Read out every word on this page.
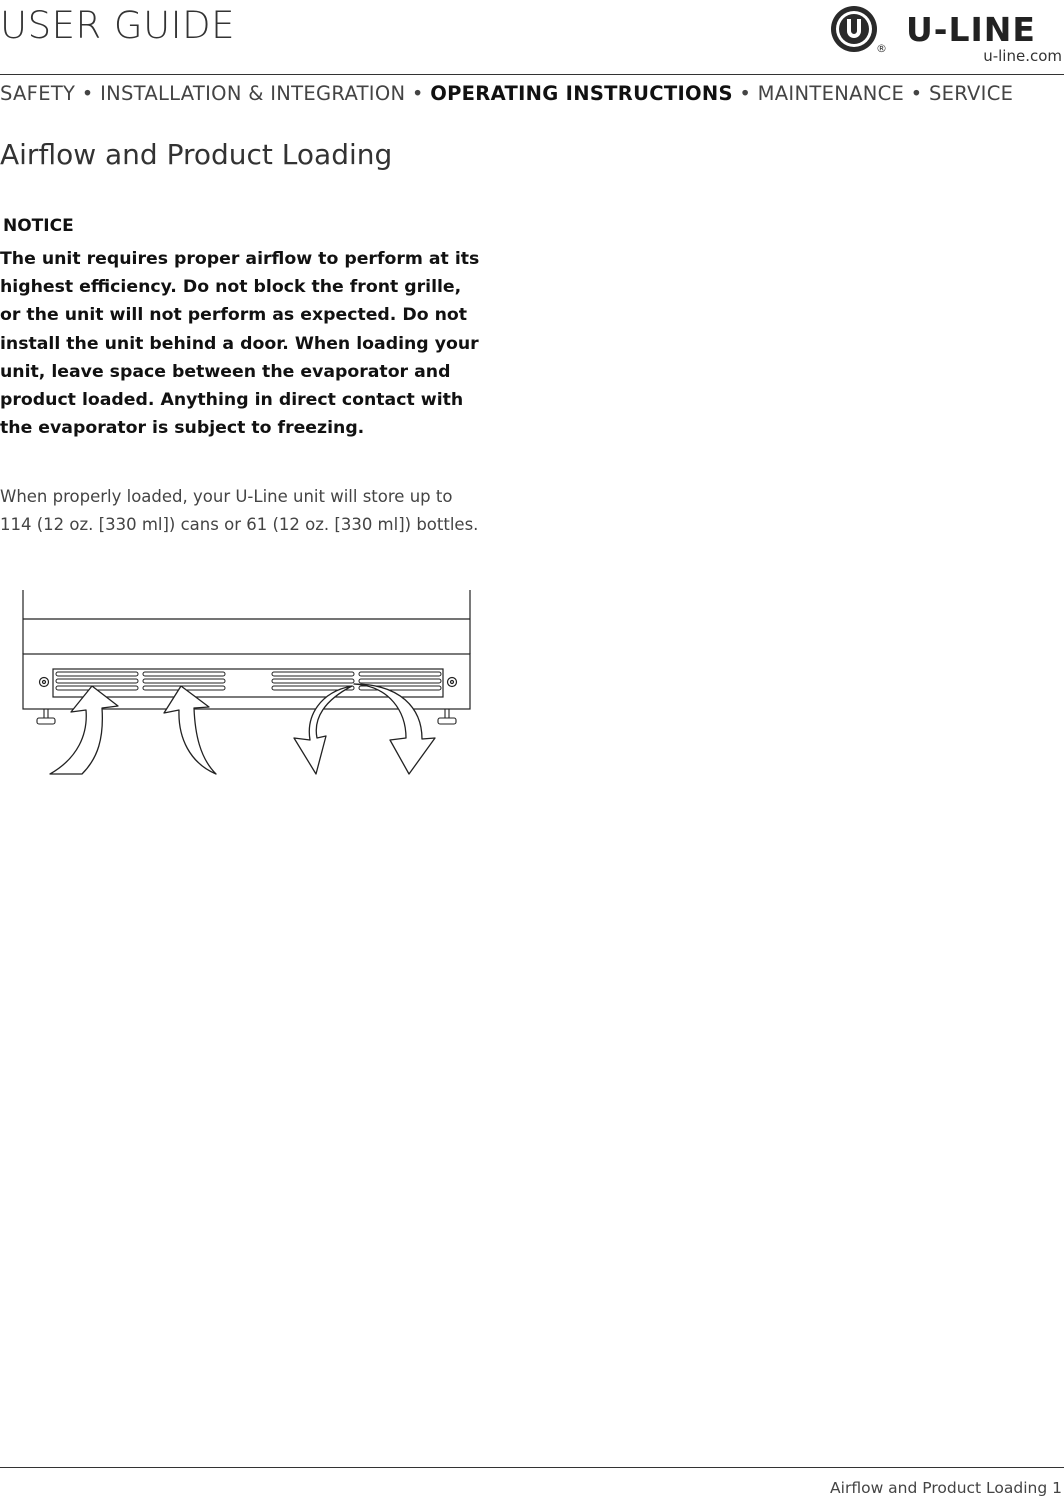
USER GUIDE
® U-LINE
u-line.com
SAFETY • INSTALLATION & INTEGRATION • OPERATING INSTRUCTIONS • MAINTENANCE • SERVICE
Airflow and Product Loading
NOTICE
The unit requires proper airflow to perform at its
highest efficiency. Do not block the front grille,
or the unit will not perform as expected. Do not
install the unit behind a door. When loading your
unit, leave space between the evaporator and
product loaded. Anything in direct contact with
the evaporator is subject to freezing.
When properly loaded, your U-Line unit will store up to
114 (12 oz. [330 ml]) cans or 61 (12 oz. [330 ml]) bottles.
Airflow and Product Loading 1
